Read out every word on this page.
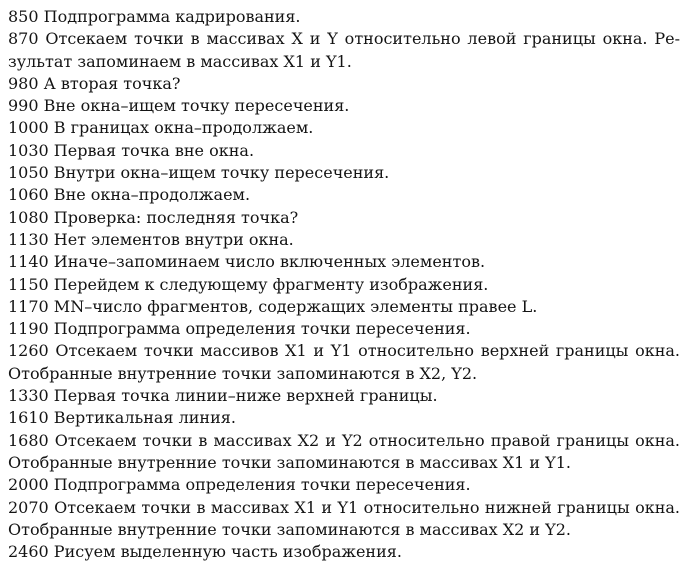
850 Подпрограмма кадрирования.

870 Отсекаем точки в массивах X и Y относительно левой границы окна. Ре-
зультат запоминаем в массивах X1 и Y1.

980 А вторая точка?

990 Вне окна–ищем точку пересечения.

1000 В границах окна–продолжаем.

1030 Первая точка вне окна.

1050 Внутри окна–ищем точку пересечения.

1060 Вне окна–продолжаем.

1080 Проверка: последняя точка?

1130 Нет элементов внутри окна.

1140 Иначе–запоминаем число включенных элементов.

1150 Перейдем к следующему фрагменту изображения.

1170 MN–число фрагментов, содержащих элементы правее L.

1190 Подпрограмма определения точки пересечения.

1260 Отсекаем точки массивов X1 и Y1 относительно верхней границы окна.
Отобранные внутренние точки запоминаются в X2, Y2.

1330 Первая точка линии–ниже верхней границы.

1610 Вертикальная линия.

1680 Отсекаем точки в массивах X2 и Y2 относительно правой границы окна.
Отобранные внутренние точки запоминаются в массивах X1 и Y1.

2000 Подпрограмма определения точки пересечения.

2070 Отсекаем точки в массивах X1 и Y1 относительно нижней границы окна.
Отобранные внутренние точки запоминаются в массивах X2 и Y2.

2460 Рисуем выделенную часть изображения.
